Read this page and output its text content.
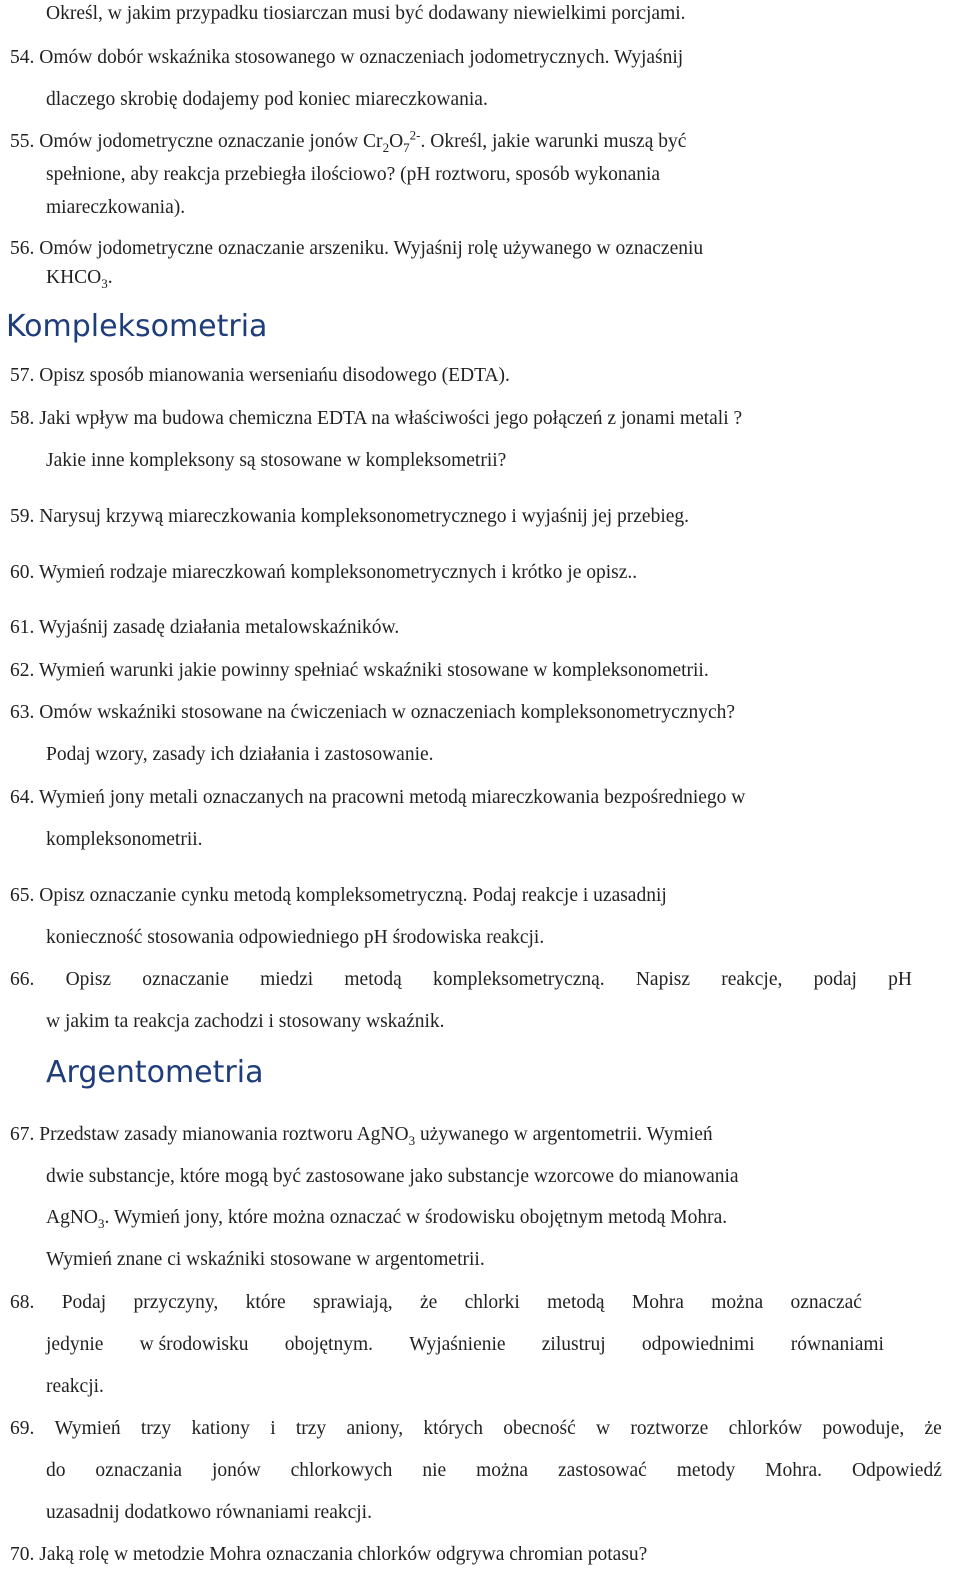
Określ, w jakim przypadku tiosiarczan musi być dodawany niewielkimi porcjami.
54. Omów dobór wskaźnika stosowanego w oznaczeniach jodometrycznych. Wyjaśnij
dlaczego skrobię dodajemy pod koniec miareczkowania.
55. Omów jodometryczne oznaczanie jonów $Cr_2O_7^{2-}$. Określ, jakie warunki muszą być
spełnione, aby reakcja przebiegła ilościowo? (pH roztworu, sposób wykonania
miareczkowania).
56. Omów jodometryczne oznaczanie arszeniku. Wyjaśnij rolę używanego w oznaczeniu
$KHCO_3$.
Kompleksometria
57. Opisz sposób mianowania werseniańu disodowego (EDTA).
58. Jaki wpływ ma budowa chemiczna EDTA na właściwości jego połączeń z jonami metali ?
Jakie inne kompleksony są stosowane w kompleksometrii?
59. Narysuj krzywą miareczkowania kompleksonometrycznego i wyjaśnij jej przebieg.
60. Wymień rodzaje miareczkowań kompleksonometrycznych i krótko je opisz..
61. Wyjaśnij zasadę działania metalowskaźników.
62. Wymień warunki jakie powinny spełniać wskaźniki stosowane w kompleksonometrii.
63. Omów wskaźniki stosowane na ćwiczeniach w oznaczeniach kompleksonometrycznych?
Podaj wzory, zasady ich działania i zastosowanie.
64. Wymień jony metali oznaczanych na pracowni metodą miareczkowania bezpośredniego w
kompleksonometrii.
65. Opisz oznaczanie cynku metodą kompleksometryczną. Podaj reakcje i uzasadnij
konieczność stosowania odpowiedniego pH środowiska reakcji.
66. Opisz oznaczanie miedzi metodą kompleksometryczną. Napisz reakcje, podaj pH
w jakim ta reakcja zachodzi i stosowany wskaźnik.
Argentometria
67. Przedstaw zasady mianowania roztworu AgNO$_3$ używanego w argentometrii. Wymień
dwie substancje, które mogą być zastosowane jako substancje wzorcowe do mianowania
AgNO$_3$. Wymień jony, które można oznaczać w środowisku obojętnym metodą Mohra.
Wymień znane ci wskaźniki stosowane w argentometrii.
68. Podaj przyczyny, które sprawiają, że chlorki metodą Mohra można oznaczać
jedynie w środowisku obojętnym. Wyjaśnienie zilustruj odpowiednimi równaniami
reakcji.
69. Wymień trzy kationy i trzy aniony, których obecność w roztworze chlorków powoduje, że
do oznaczania jonów chlorkowych nie można zastosować metody Mohra. Odpowiedź
uzasadnij dodatkowo równaniami reakcji.
70. Jaką rolę w metodzie Mohra oznaczania chlorków odgrywa chromian potasu?
